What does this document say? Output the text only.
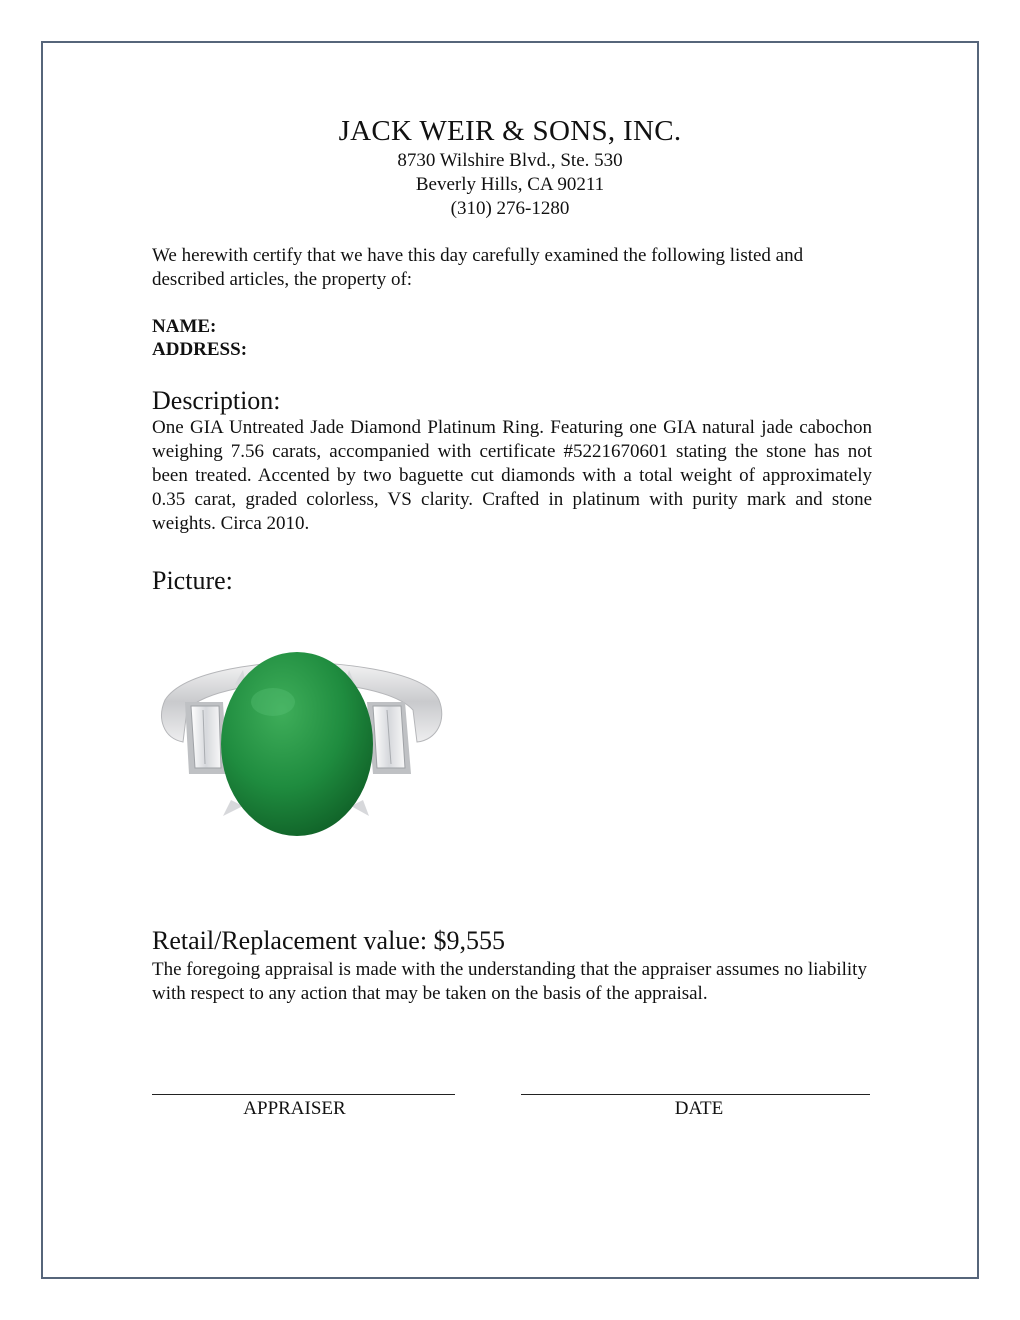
JACK WEIR & SONS, INC.
8730 Wilshire Blvd., Ste. 530
Beverly Hills, CA 90211
(310) 276-1280
We herewith certify that we have this day carefully examined the following listed and described articles, the property of:
NAME:
ADDRESS:
Description:
One GIA Untreated Jade Diamond Platinum Ring. Featuring one GIA natural jade cabochon weighing 7.56 carats, accompanied with certificate #5221670601 stating the stone has not been treated. Accented by two baguette cut diamonds with a total weight of approximately 0.35 carat, graded colorless, VS clarity. Crafted in platinum with purity mark and stone weights. Circa 2010.
Picture:
Retail/Replacement value: $9,555
The foregoing appraisal is made with the understanding that the appraiser assumes no liability with respect to any action that may be taken on the basis of the appraisal.
APPRAISER	DATE
